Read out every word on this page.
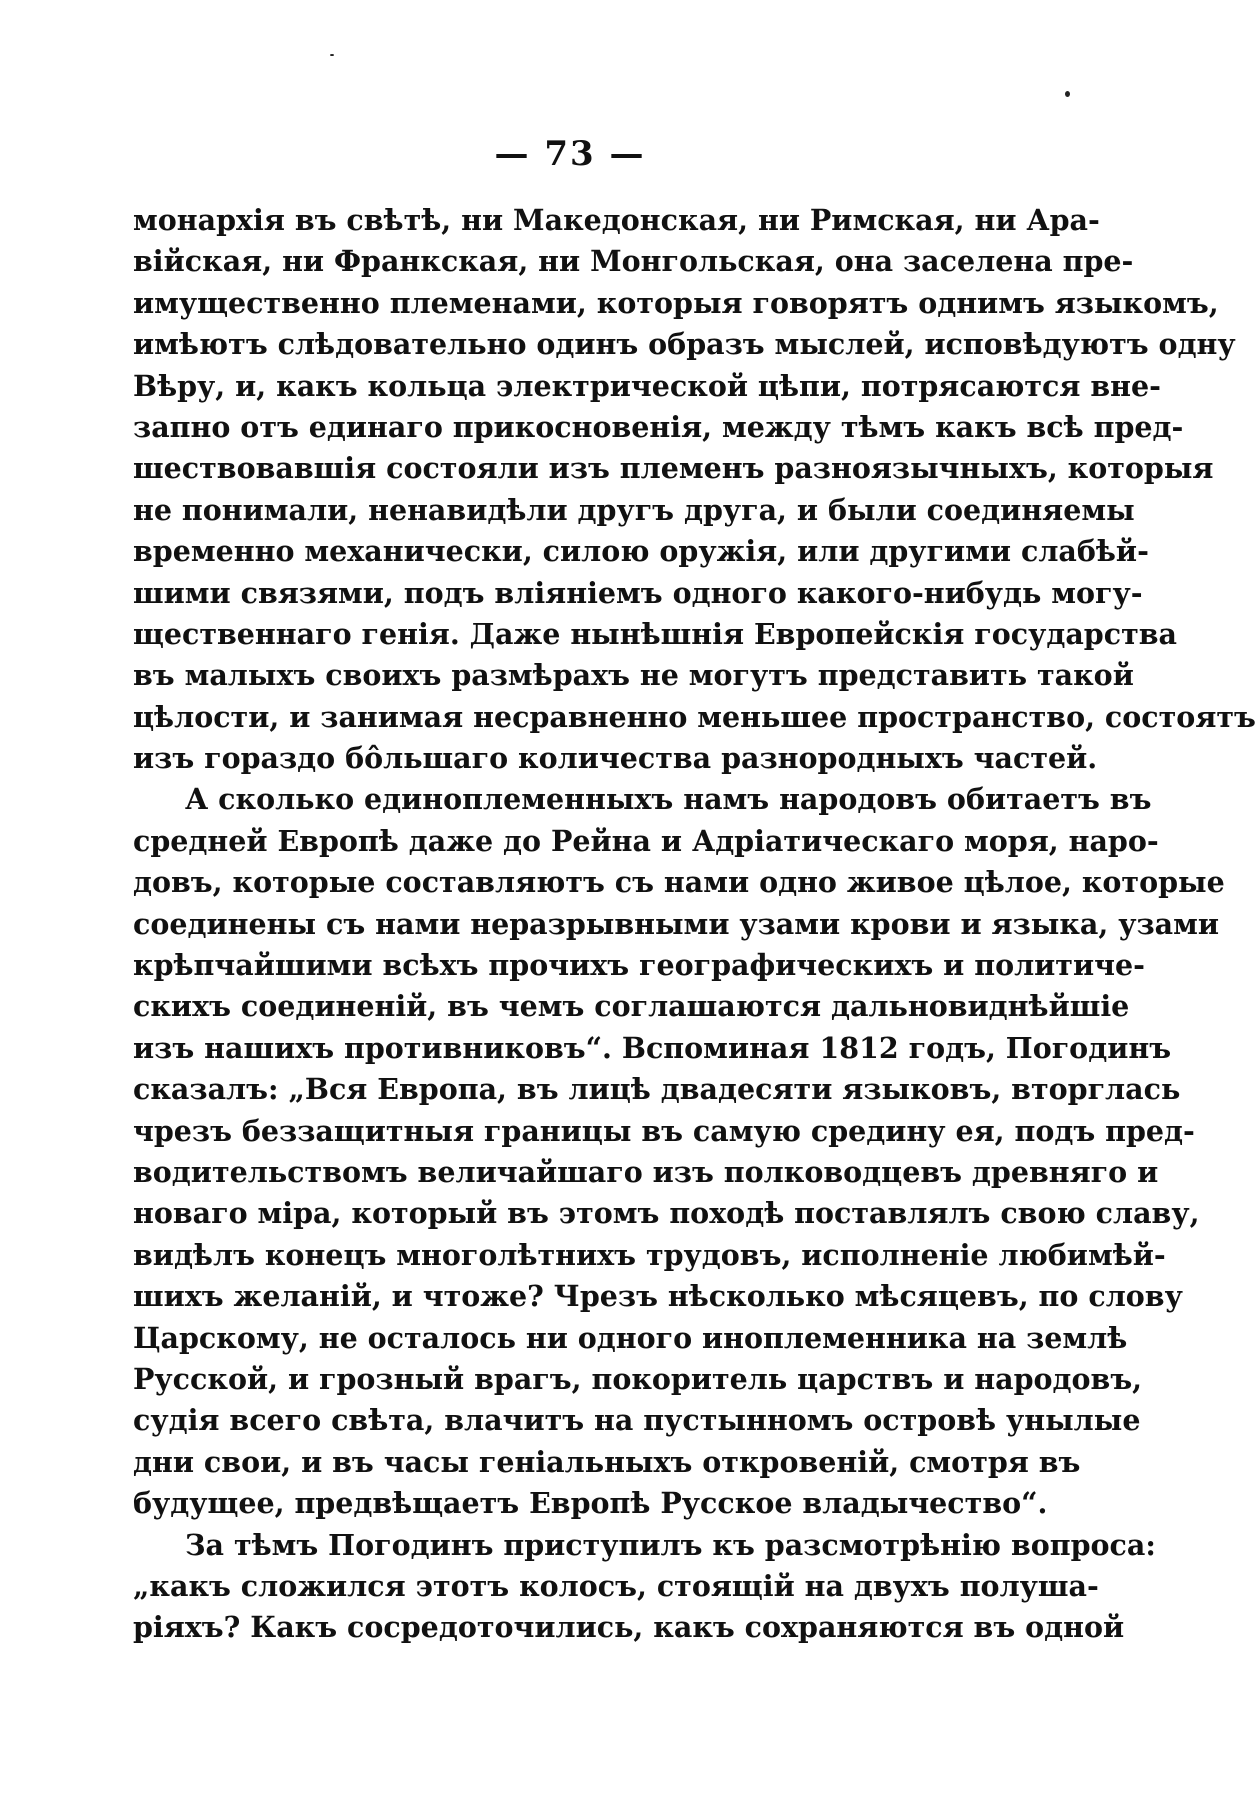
— 73 —
монархія въ свѣтѣ, ни Македонская, ни Римская, ни Ара-
війская, ни Франкская, ни Монгольская, она заселена пре-
имущественно племенами, которыя говорятъ однимъ языкомъ,
имѣютъ слѣдовательно одинъ образъ мыслей, исповѣдуютъ одну
Вѣру, и, какъ кольца электрической цѣпи, потрясаются вне-
запно отъ единаго прикосновенія, между тѣмъ какъ всѣ пред-
шествовавшія состояли изъ племенъ разноязычныхъ, которыя
не понимали, ненавидѣли другъ друга, и были соединяемы
временно механически, силою оружія, или другими слабѣй-
шими связями, подъ вліяніемъ одного какого-нибудь могу-
щественнаго генія. Даже нынѣшнія Европейскія государства
въ малыхъ своихъ размѣрахъ не могутъ представить такой
цѣлости, и занимая несравненно меньшее пространство, состоятъ
изъ гораздо бо̂льшаго количества разнородныхъ частей.
А сколько единоплеменныхъ намъ народовъ обитаетъ въ
средней Европѣ даже до Рейна и Адріатическаго моря, наро-
довъ, которые составляютъ съ нами одно живое цѣлое, которые
соединены съ нами неразрывными узами крови и языка, узами
крѣпчайшими всѣхъ прочихъ географическихъ и политиче-
скихъ соединеній, въ чемъ соглашаются дальновиднѣйшіе
изъ нашихъ противниковъ“. Вспоминая 1812 годъ, Погодинъ
сказалъ: „Вся Европа, въ лицѣ двадесяти языковъ, вторглась
чрезъ беззащитныя границы въ самую средину ея, подъ пред-
водительствомъ величайшаго изъ полководцевъ древняго и
новаго міра, который въ этомъ походѣ поставлялъ свою славу,
видѣлъ конецъ многолѣтнихъ трудовъ, исполненіе любимѣй-
шихъ желаній, и чтоже? Чрезъ нѣсколько мѣсяцевъ, по слову
Царскому, не осталось ни одного иноплеменника на землѣ
Русской, и грозный врагъ, покоритель царствъ и народовъ,
судія всего свѣта, влачитъ на пустынномъ островѣ унылые
дни свои, и въ часы геніальныхъ откровеній, смотря въ
будущее, предвѣщаетъ Европѣ Русское владычество“.
За тѣмъ Погодинъ приступилъ къ разсмотрѣнію вопроса:
„какъ сложился этотъ колосъ, стоящій на двухъ полуша-
ріяхъ? Какъ сосредоточились, какъ сохраняются въ одной
